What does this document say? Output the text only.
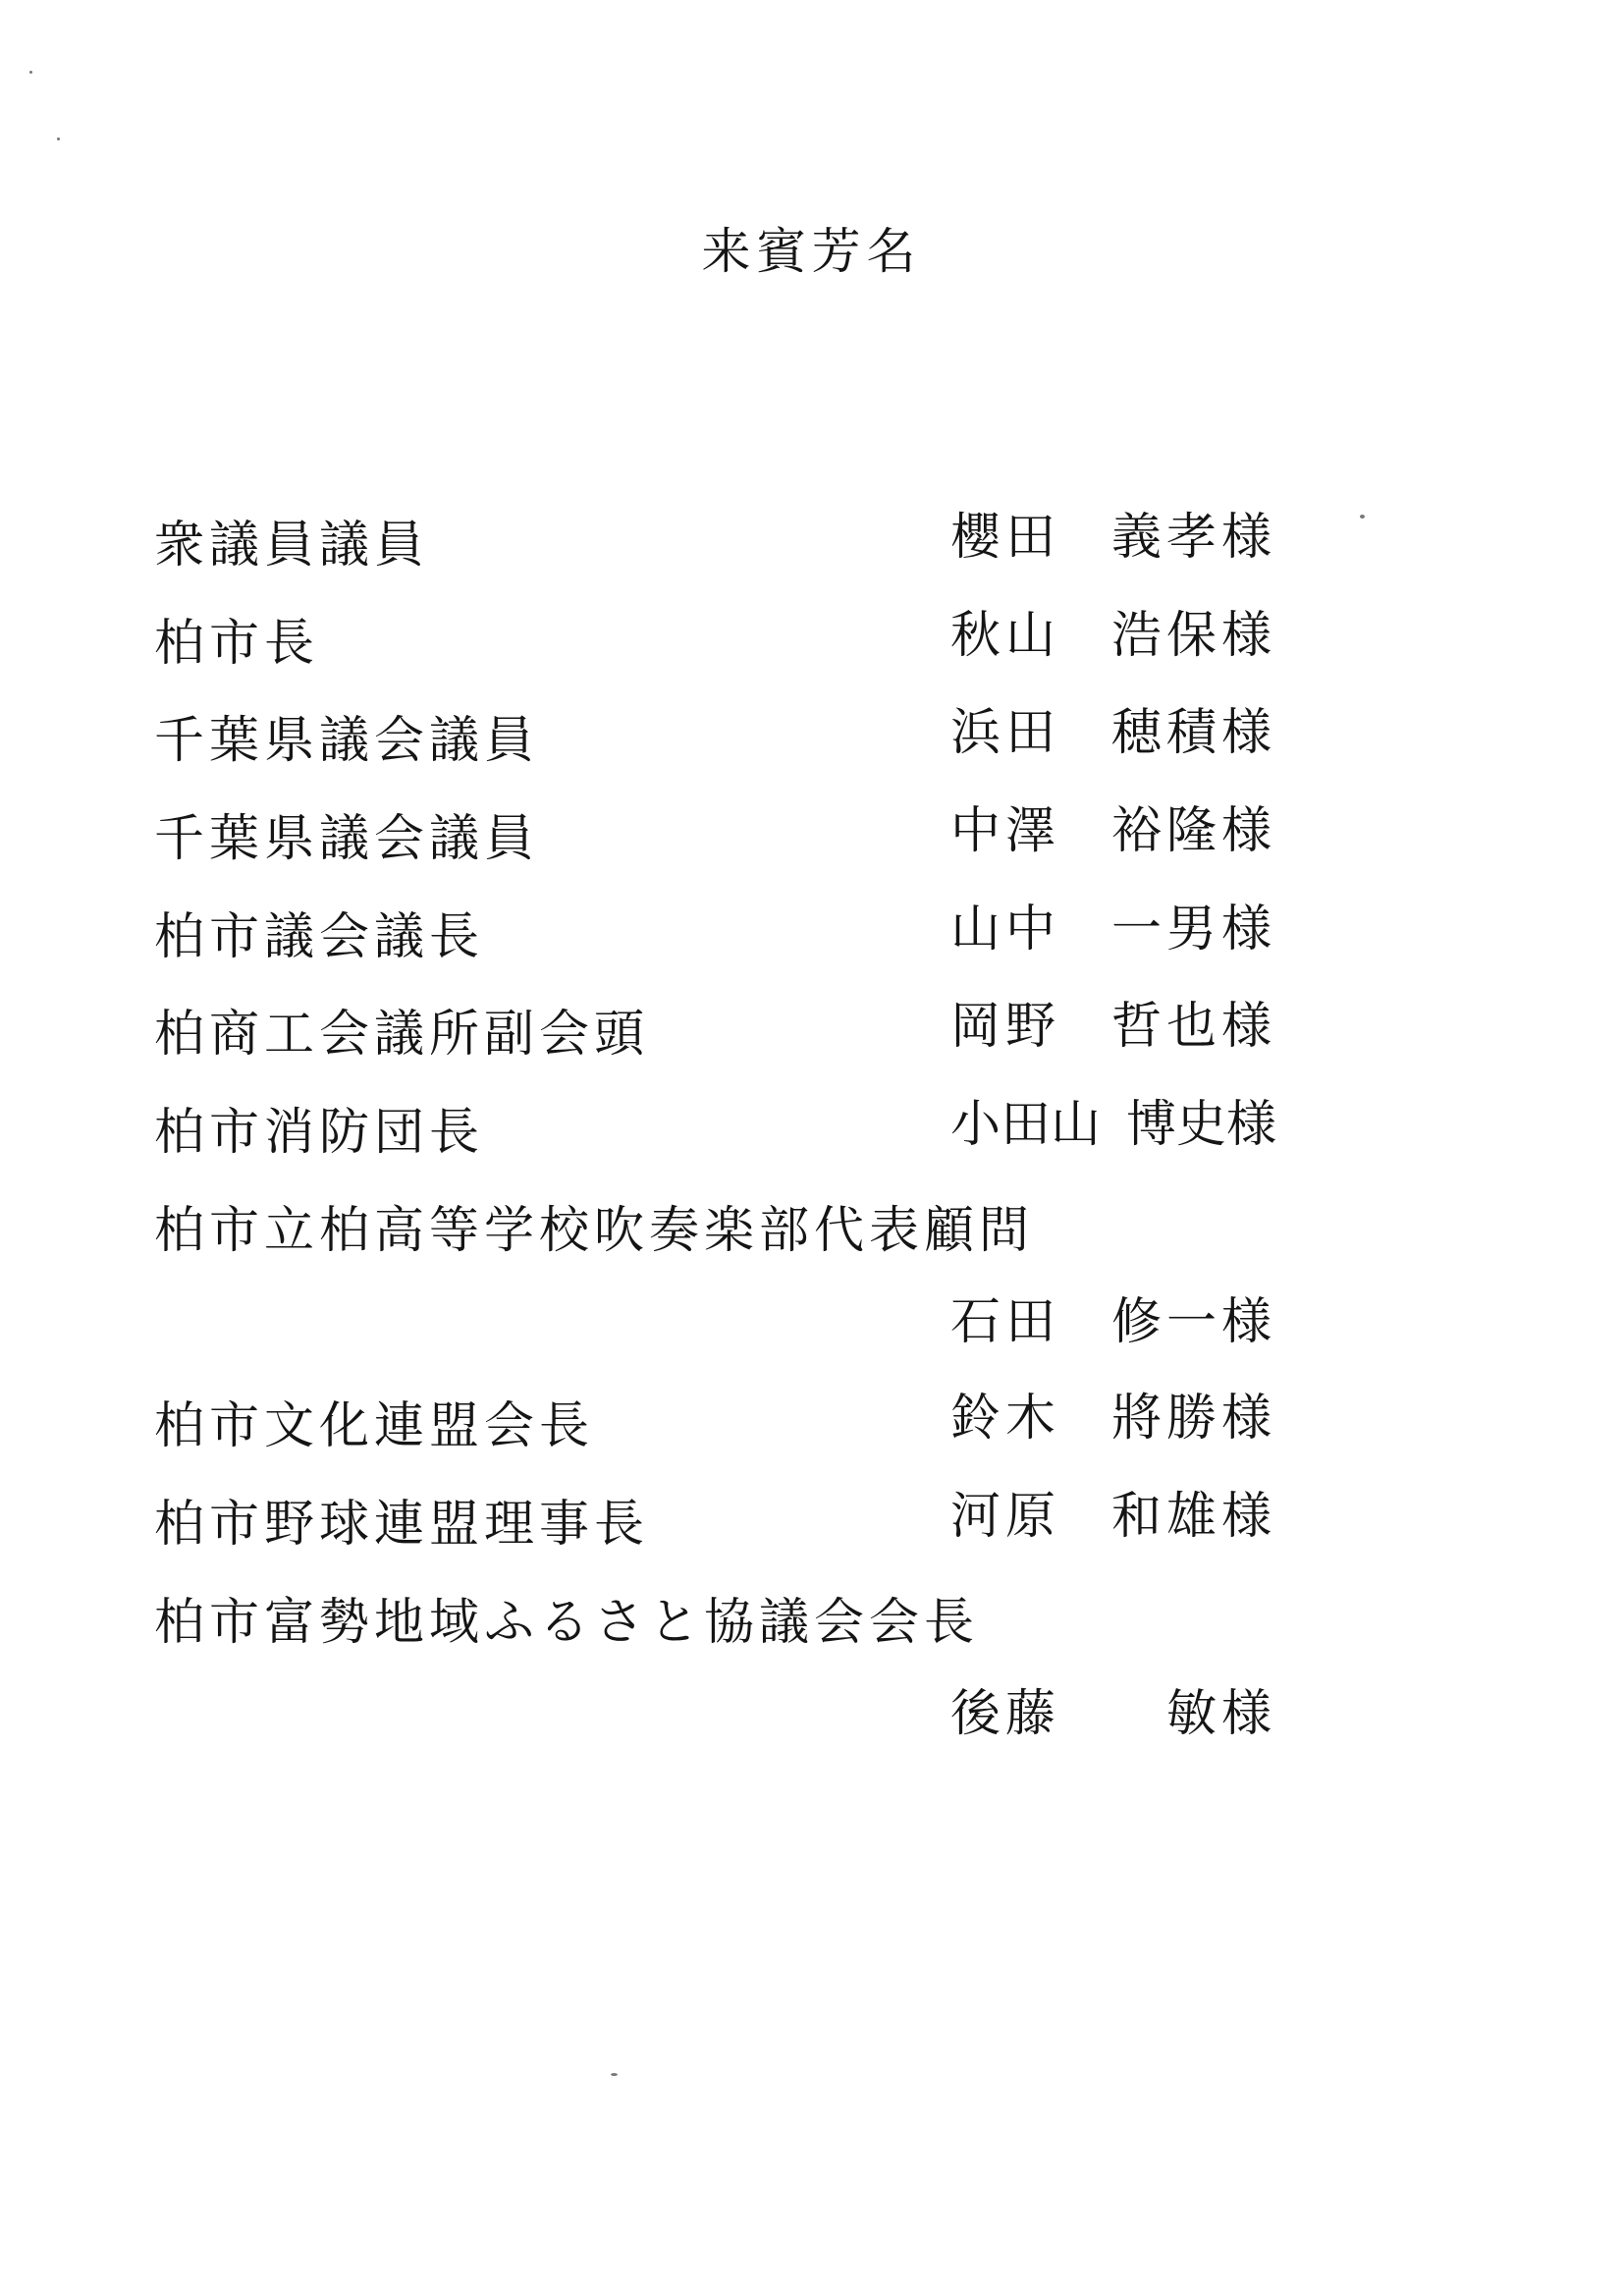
来賓芳名
衆議員議員	櫻田 義孝様
柏市長	秋山 浩保様
千葉県議会議員	浜田 穂積様
千葉県議会議員	中澤 裕隆様
柏市議会議長	山中 一男様
柏商工会議所副会頭	岡野 哲也様
柏市消防団長	小田山 博史様
柏市立柏高等学校吹奏楽部代表顧問
石田 修一様
柏市文化連盟会長	鈴木 將勝様
柏市野球連盟理事長	河原 和雄様
柏市富勢地域ふるさと協議会会長
後藤 敏様
